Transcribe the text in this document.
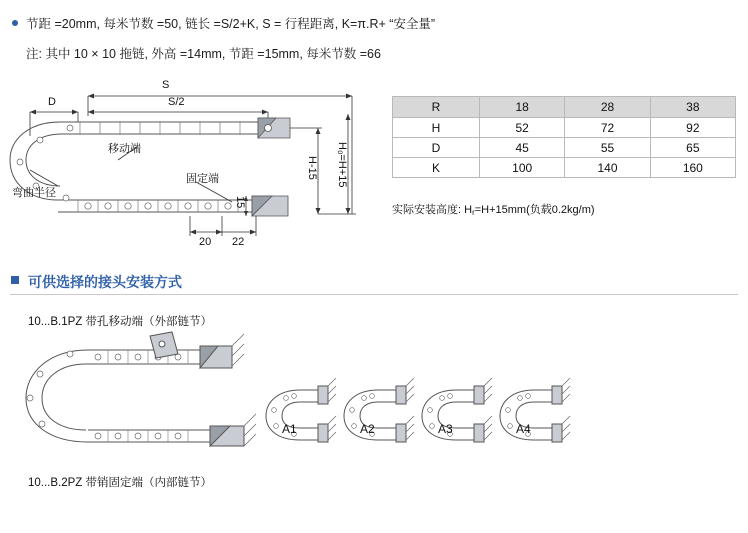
节距 =20mm, 每米节数 =50, 链长 =S/2+K, S = 行程距离, K=π.R+ “安全量”
注: 其中 10 × 10 拖链, 外高 =14mm, 节距 =15mm, 每米节数 =66
S
S/2
D
移动端
固定端
弯曲半径
H-15 H₀=H+15
15
20 22
R	18	28	38
H	52	72	92
D	45	55	65
K	100	140	160
实际安装高度: $H_r=H+15mm$(负载0.2kg/m)
可供选择的接头安装方式
10...B.1PZ 带孔移动端（外部链节）
10...B.2PZ 带销固定端（内部链节）
A1	A2	A3	A4
